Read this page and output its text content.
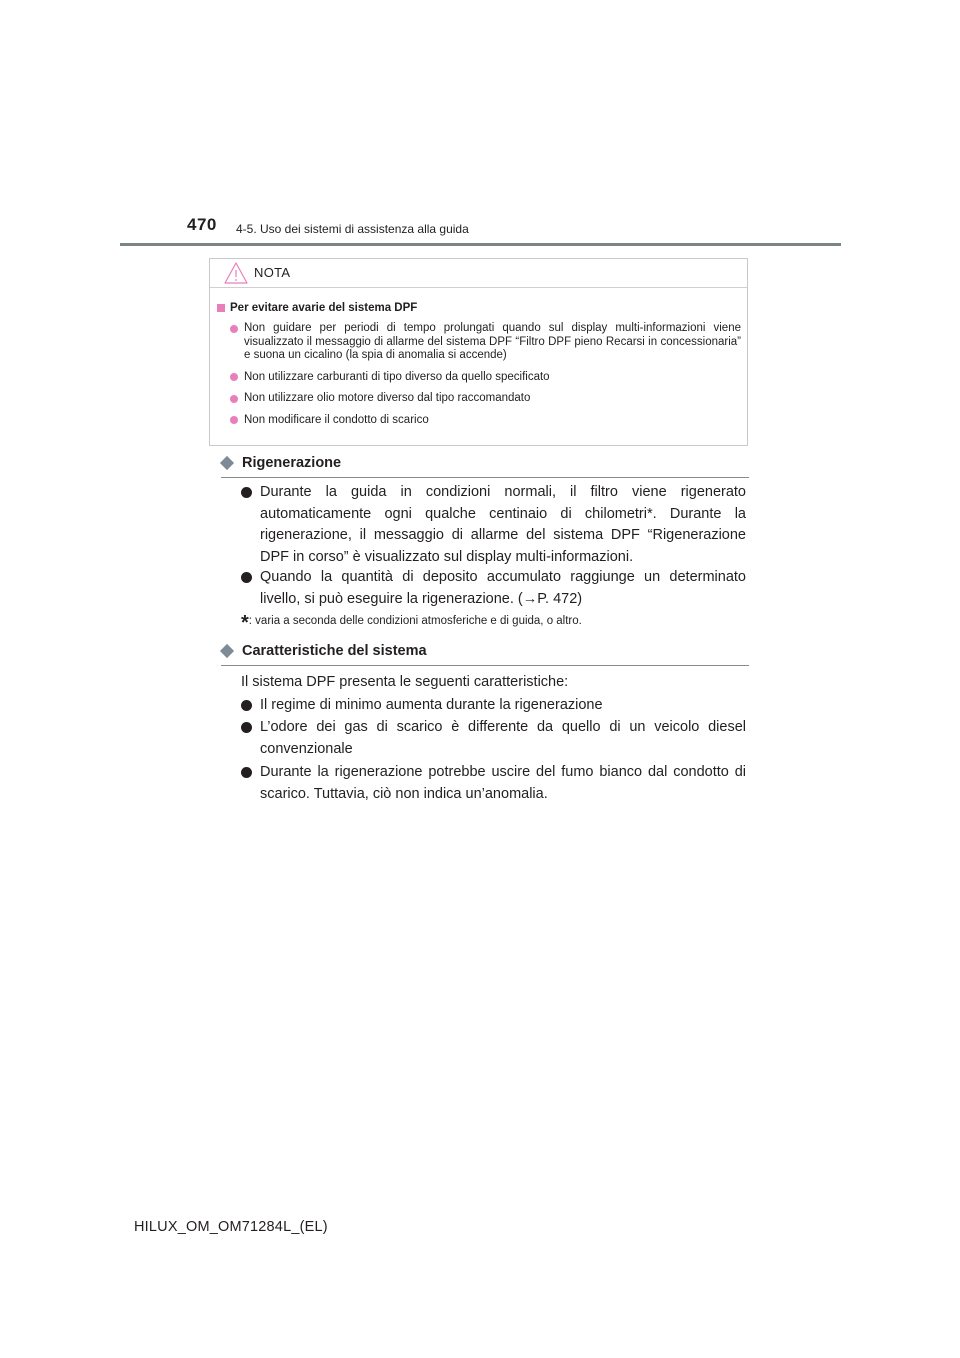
470 4-5. Uso dei sistemi di assistenza alla guida
NOTA
Per evitare avarie del sistema DPF
Non guidare per periodi di tempo prolungati quando sul display multi-informazioni viene visualizzato il messaggio di allarme del sistema DPF “Filtro DPF pieno Recarsi in concessionaria” e suona un cicalino (la spia di anomalia si accende)
Non utilizzare carburanti di tipo diverso da quello specificato
Non utilizzare olio motore diverso dal tipo raccomandato
Non modificare il condotto di scarico
Rigenerazione
Durante la guida in condizioni normali, il filtro viene rigenerato automaticamente ogni qualche centinaio di chilometri*. Durante la rigenerazione, il messaggio di allarme del sistema DPF “Rigenerazione DPF in corso” è visualizzato sul display multi-informazioni.
Quando la quantità di deposito accumulato raggiunge un determinato livello, si può eseguire la rigenerazione. (→P. 472)
*: varia a seconda delle condizioni atmosferiche e di guida, o altro.
Caratteristiche del sistema
Il sistema DPF presenta le seguenti caratteristiche:
Il regime di minimo aumenta durante la rigenerazione
L’odore dei gas di scarico è differente da quello di un veicolo diesel convenzionale
Durante la rigenerazione potrebbe uscire del fumo bianco dal condotto di scarico. Tuttavia, ciò non indica un’anomalia.
HILUX_OM_OM71284L_(EL)
